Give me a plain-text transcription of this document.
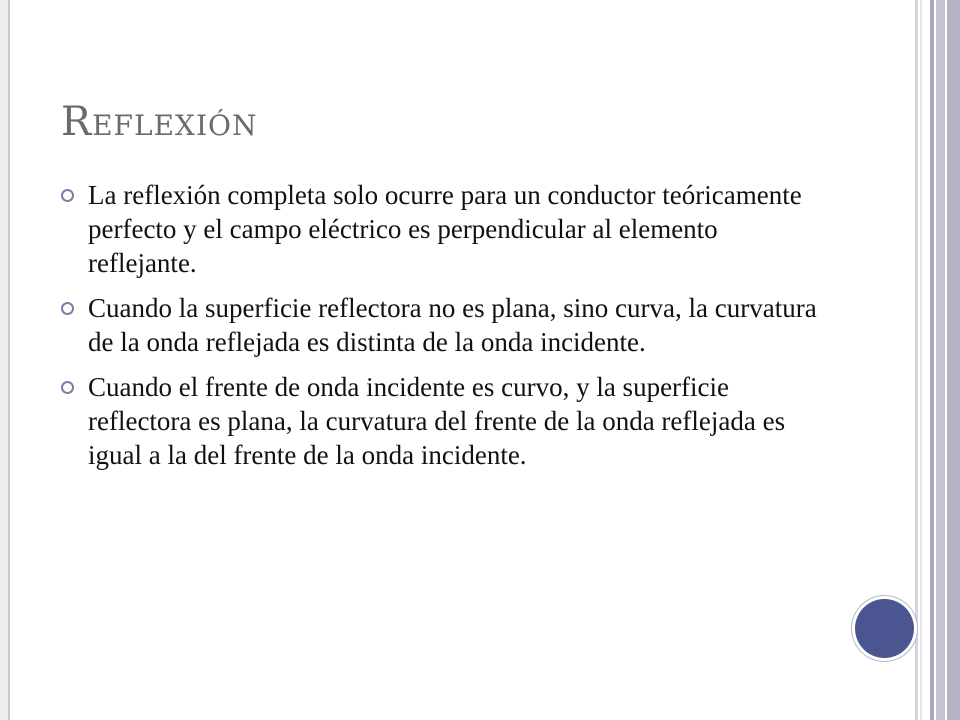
Reflexión
La reflexión completa solo ocurre para un conductor teóricamente perfecto y el campo eléctrico es perpendicular al elemento reflejante.
Cuando la superficie reflectora no es plana, sino curva, la curvatura de la onda reflejada es distinta de la onda incidente.
Cuando el frente de onda incidente es curvo, y la superficie reflectora es plana, la curvatura del frente de la onda reflejada es igual a la del frente de la onda incidente.
